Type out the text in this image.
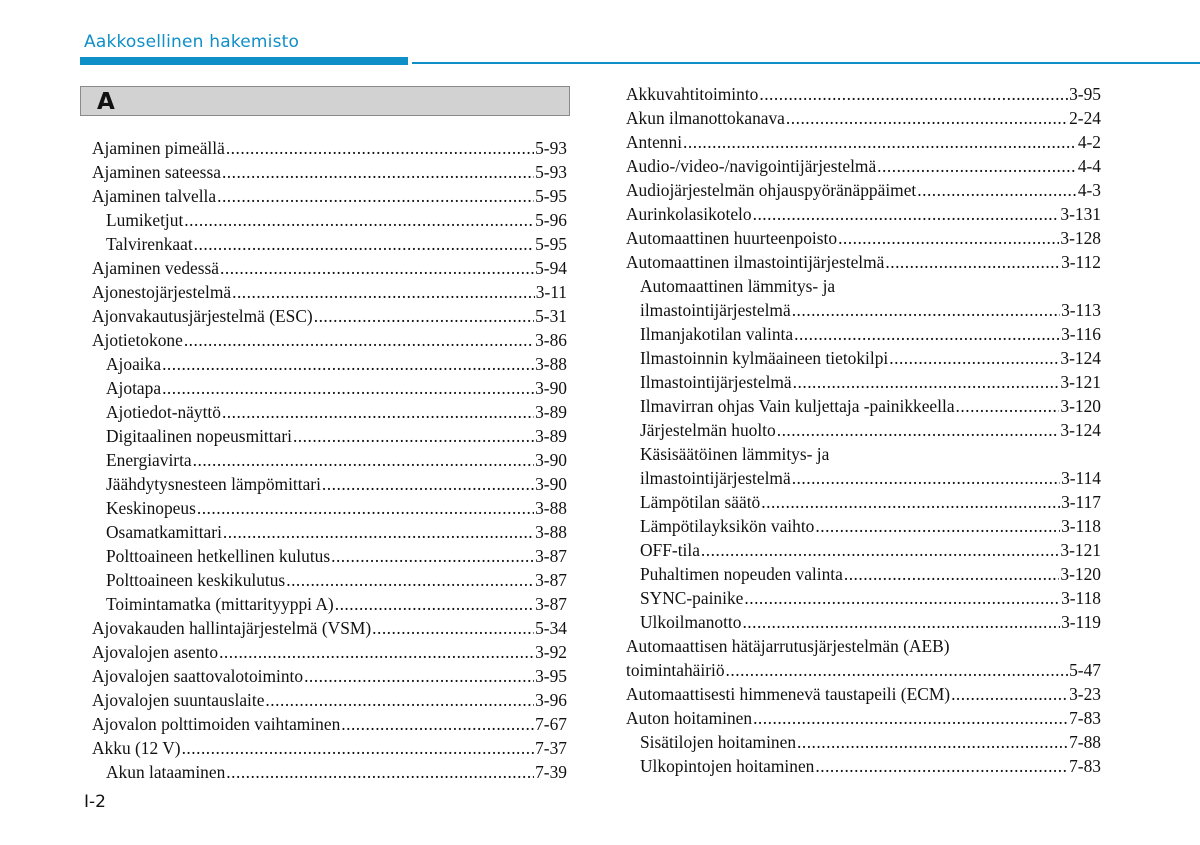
Aakkosellinen hakemisto
A
Ajaminen pimeällä .....	5-93
Ajaminen sateessa .....	5-93
Ajaminen talvella .....	5-95
Lumiketjut .....	5-96
Talvirenkaat .....	5-95
Ajaminen vedessä .....	5-94
Ajonestojärjestelmä .....	3-11
Ajonvakautusjärjestelmä (ESC) .....	5-31
Ajotietokone .....	3-86
Ajoaika .....	3-88
Ajotapa .....	3-90
Ajotiedot-näyttö .....	3-89
Digitaalinen nopeusmittari .....	3-89
Energiavirta .....	3-90
Jäähdytysnesteen lämpömittari .....	3-90
Keskinopeus .....	3-88
Osamatkamittari .....	3-88
Polttoaineen hetkellinen kulutus .....	3-87
Polttoaineen keskikulutus .....	3-87
Toimintamatka (mittarityyppi A) .....	3-87
Ajovakauden hallintajärjestelmä (VSM) .....	5-34
Ajovalojen asento .....	3-92
Ajovalojen saattovalotoiminto .....	3-95
Ajovalojen suuntauslaite .....	3-96
Ajovalon polttimoiden vaihtaminen .....	7-67
Akku (12 V) .....	7-37
Akun lataaminen .....	7-39
Akkuvahtitoiminto .....	3-95
Akun ilmanottokanava .....	2-24
Antenni .....	4-2
Audio-/video-/navigointijärjestelmä .....	4-4
Audiojärjestelmän ohjauspyöränäppäimet .....	4-3
Aurinkolasikotelo .....	3-131
Automaattinen huurteenpoisto .....	3-128
Automaattinen ilmastointijärjestelmä .....	3-112
Automaattinen lämmitys- ja
ilmastointijärjestelmä .....	3-113
Ilmanjakotilan valinta .....	3-116
Ilmastoinnin kylmäaineen tietokilpi .....	3-124
Ilmastointijärjestelmä .....	3-121
Ilmavirran ohjas Vain kuljettaja -painikkeella .....	3-120
Järjestelmän huolto .....	3-124
Käsisäätöinen lämmitys- ja
ilmastointijärjestelmä .....	3-114
Lämpötilan säätö .....	3-117
Lämpötilayksikön vaihto .....	3-118
OFF-tila .....	3-121
Puhaltimen nopeuden valinta .....	3-120
SYNC-painike .....	3-118
Ulkoilmanotto .....	3-119
Automaattisen hätäjarrutusjärjestelmän (AEB)
toimintahäiriö .....	5-47
Automaattisesti himmenevä taustapeili (ECM) .....	3-23
Auton hoitaminen .....	7-83
Sisätilojen hoitaminen .....	7-88
Ulkopintojen hoitaminen .....	7-83
I-2
